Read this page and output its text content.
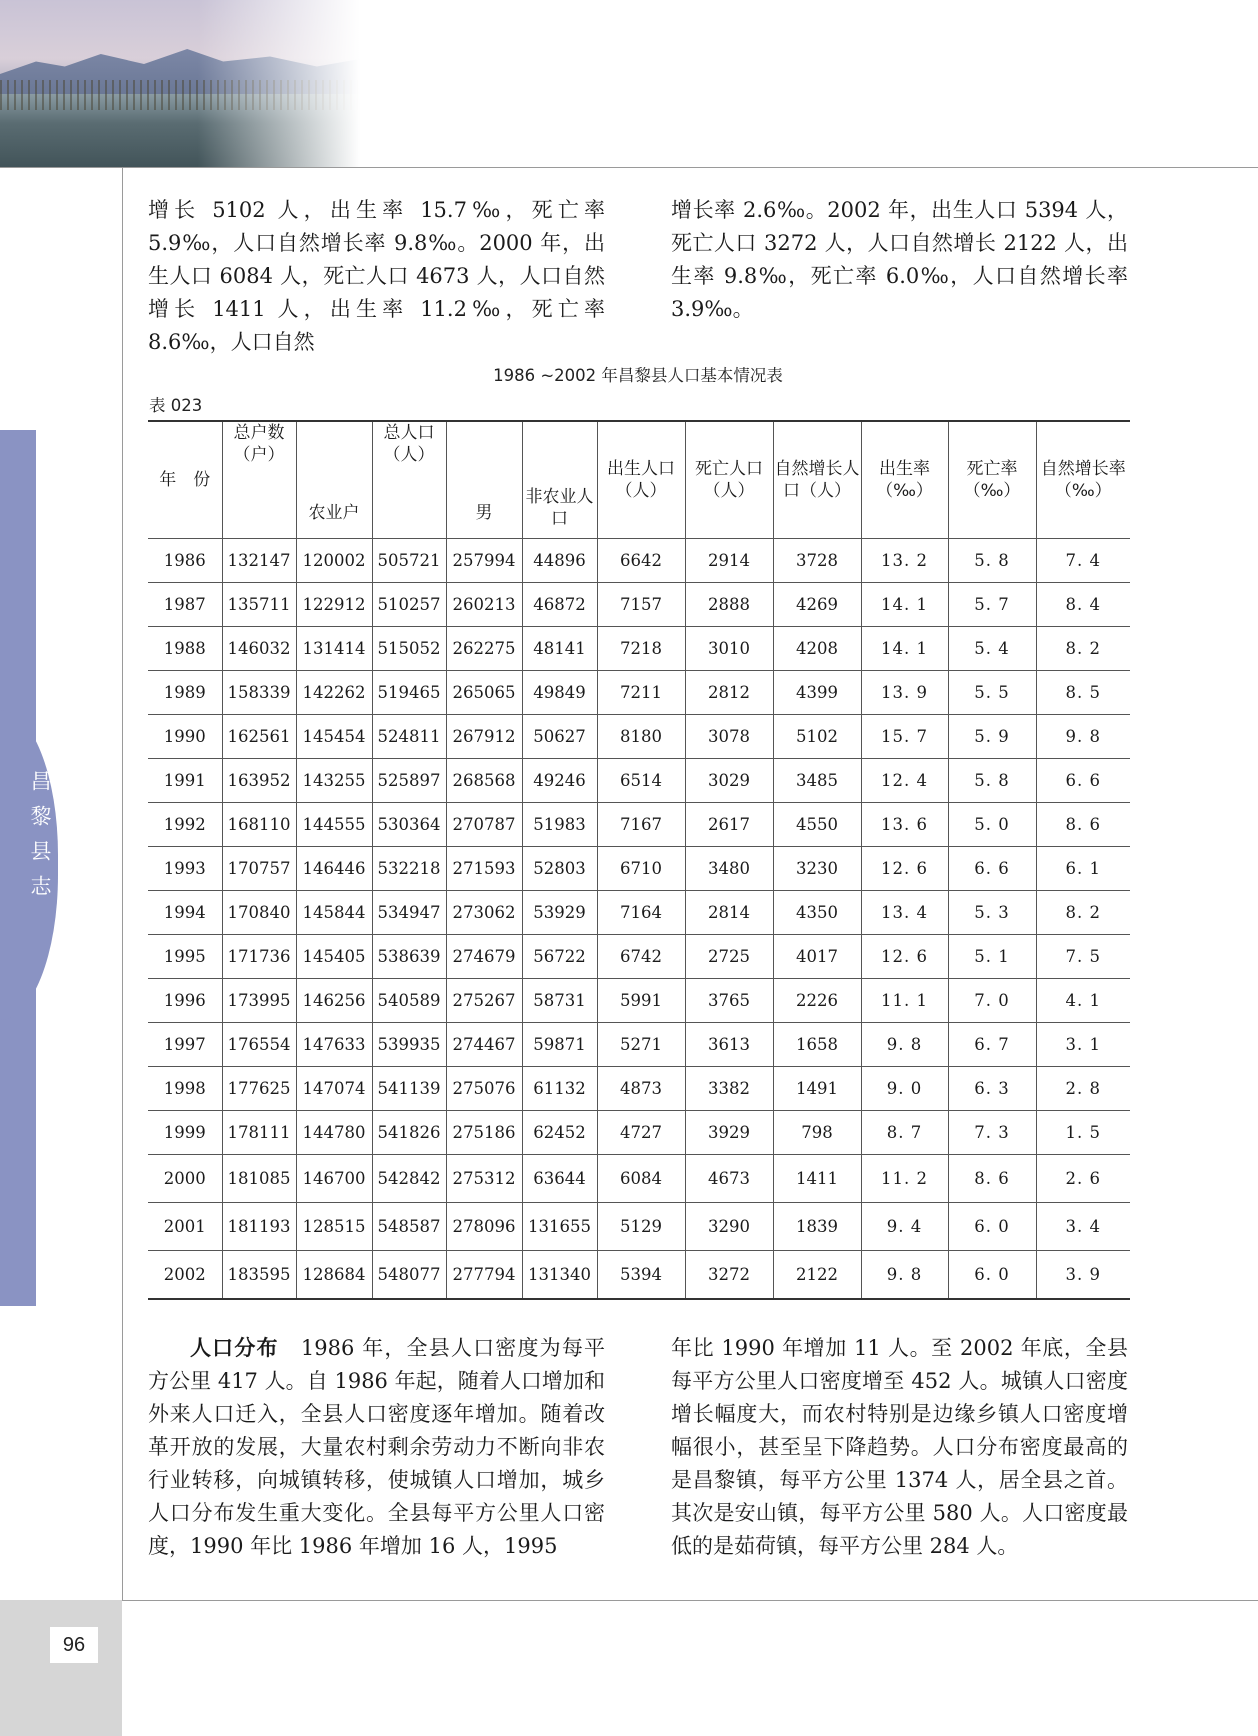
昌黎县志
96

增长 5102 人，出生率 15.7‰，死亡率 5.9‰，人口自然增长率 9.8‰。2000 年，出生人口 6084 人，死亡人口 4673 人，人口自然增长 1411 人，出生率 11.2‰，死亡率 8.6‰，人口自然

增长率 2.6‰。2002 年，出生人口 5394 人，死亡人口 3272 人，人口自然增长 2122 人，出生率 9.8‰，死亡率 6.0‰，人口自然增长率 3.9‰。

1986 ~2002 年昌黎县人口基本情况表
表 023
年　份	总户数（户）	农业户	总人口（人）	男	非农业人口	出生人口（人）	死亡人口（人）	自然增长人口（人）	出生率（‰）	死亡率（‰）	自然增长率（‰）

1986	132147	120002	505721	257994	44896	6642	2914	3728	13. 2	5. 8	7. 4
1987	135711	122912	510257	260213	46872	7157	2888	4269	14. 1	5. 7	8. 4
1988	146032	131414	515052	262275	48141	7218	3010	4208	14. 1	5. 4	8. 2
1989	158339	142262	519465	265065	49849	7211	2812	4399	13. 9	5. 5	8. 5
1990	162561	145454	524811	267912	50627	8180	3078	5102	15. 7	5. 9	9. 8
1991	163952	143255	525897	268568	49246	6514	3029	3485	12. 4	5. 8	6. 6
1992	168110	144555	530364	270787	51983	7167	2617	4550	13. 6	5. 0	8. 6
1993	170757	146446	532218	271593	52803	6710	3480	3230	12. 6	6. 6	6. 1
1994	170840	145844	534947	273062	53929	7164	2814	4350	13. 4	5. 3	8. 2
1995	171736	145405	538639	274679	56722	6742	2725	4017	12. 6	5. 1	7. 5
1996	173995	146256	540589	275267	58731	5991	3765	2226	11. 1	7. 0	4. 1
1997	176554	147633	539935	274467	59871	5271	3613	1658	9. 8	6. 7	3. 1
1998	177625	147074	541139	275076	61132	4873	3382	1491	9. 0	6. 3	2. 8
1999	178111	144780	541826	275186	62452	4727	3929	798	8. 7	7. 3	1. 5
2000	181085	146700	542842	275312	63644	6084	4673	1411	11. 2	8. 6	2. 6
2001	181193	128515	548587	278096	131655	5129	3290	1839	9. 4	6. 0	3. 4
2002	183595	128684	548077	277794	131340	5394	3272	2122	9. 8	6. 0	3. 9

人口分布　1986 年，全县人口密度为每平方公里 417 人。自 1986 年起，随着人口增加和外来人口迁入，全县人口密度逐年增加。随着改革开放的发展，大量农村剩余劳动力不断向非农行业转移，向城镇转移，使城镇人口增加，城乡人口分布发生重大变化。全县每平方公里人口密度，1990 年比 1986 年增加 16 人，1995

年比 1990 年增加 11 人。至 2002 年底，全县每平方公里人口密度增至 452 人。城镇人口密度增长幅度大，而农村特别是边缘乡镇人口密度增幅很小，甚至呈下降趋势。人口分布密度最高的是昌黎镇，每平方公里 1374 人，居全县之首。其次是安山镇，每平方公里 580 人。人口密度最低的是茹荷镇，每平方公里 284 人。
